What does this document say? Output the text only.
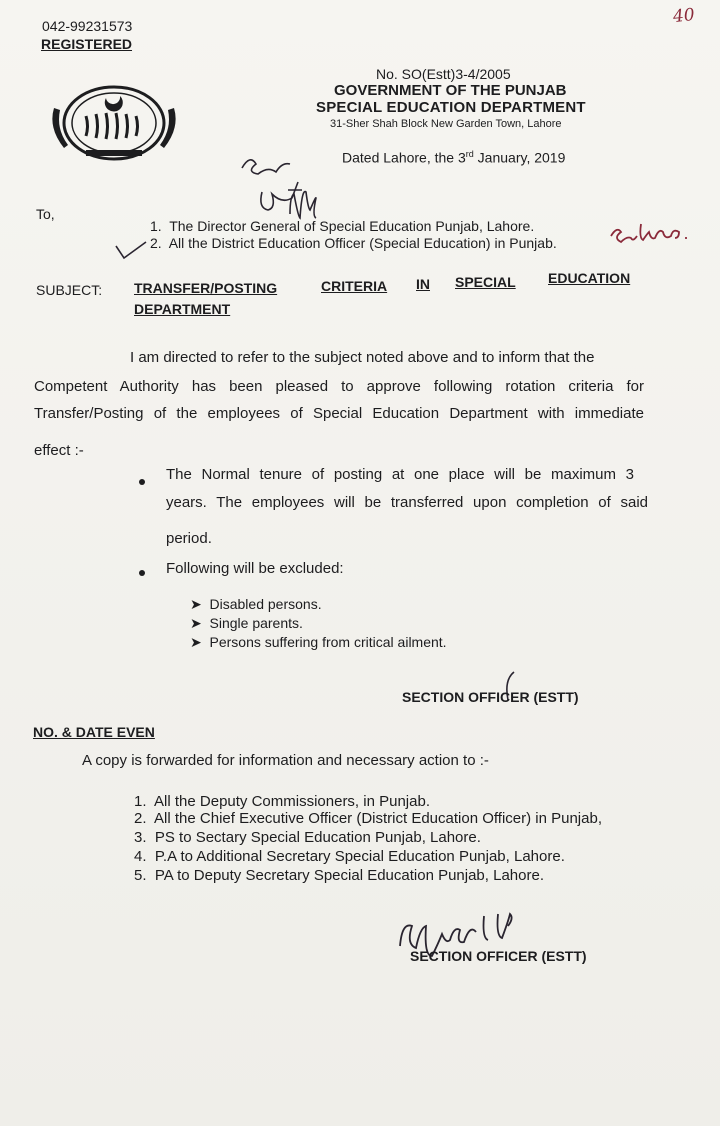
042-99231573
REGISTERED
40
No. SO(Estt)3-4/2005
GOVERNMENT OF THE PUNJAB
SPECIAL EDUCATION DEPARTMENT
31-Sher Shah Block New Garden Town, Lahore
Dated Lahore, the 3rd January, 2019
To,
1. The Director General of Special Education Punjab, Lahore.
2. All the District Education Officer (Special Education) in Punjab.
SUBJECT: TRANSFER/POSTING	CRITERIA IN SPECIAL EDUCATION
DEPARTMENT
I am directed to refer to the subject noted above and to inform that the
Competent Authority has been pleased to approve following rotation criteria for
Transfer/Posting of the employees of Special Education Department with immediate
effect :-
The Normal tenure of posting at one place will be maximum 3
years. The employees will be transferred upon completion of said
period.
Following will be excluded:
➤ Disabled persons.
➤ Single parents.
➤ Persons suffering from critical ailment.
SECTION OFFICER (ESTT)
NO. & DATE EVEN
A copy is forwarded for information and necessary action to :-
1. All the Deputy Commissioners, in Punjab.
2. All the Chief Executive Officer (District Education Officer) in Punjab,
3. PS to Sectary Special Education Punjab, Lahore.
4. P.A to Additional Secretary Special Education Punjab, Lahore.
5. PA to Deputy Secretary Special Education Punjab, Lahore.
SECTION OFFICER (ESTT)
